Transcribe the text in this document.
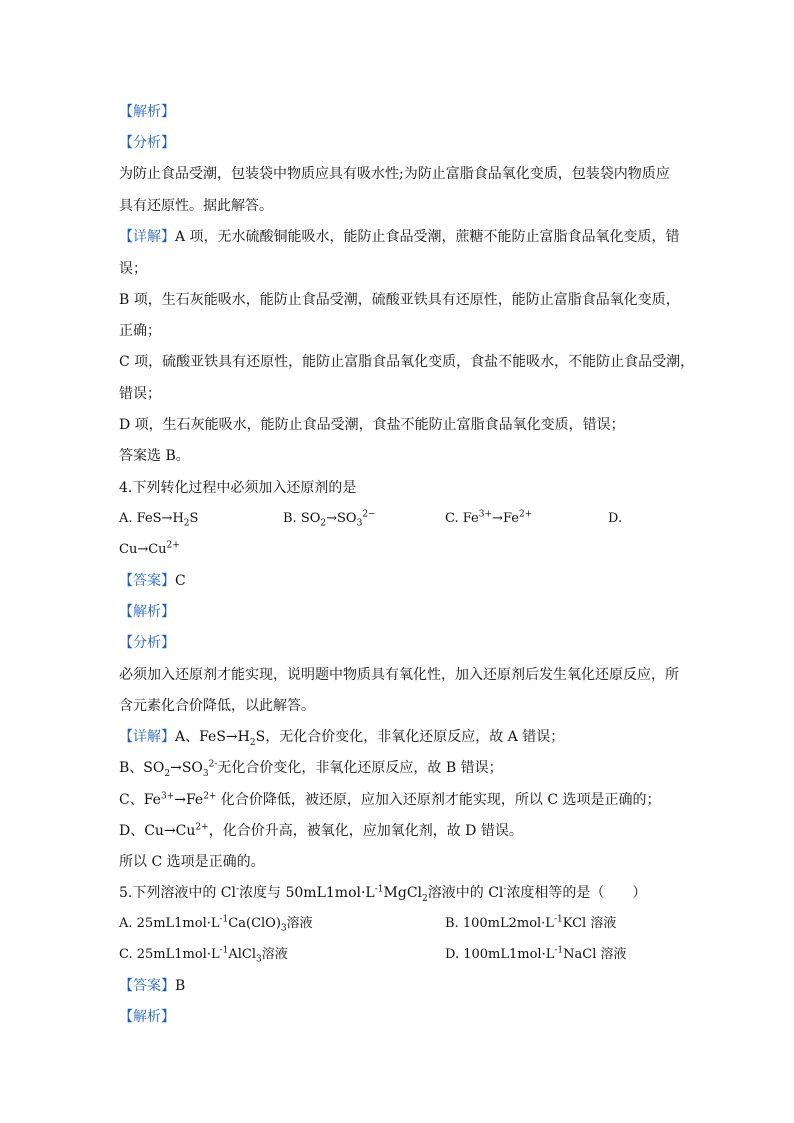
【解析】
【分析】
为防止食品受潮，包装袋中物质应具有吸水性;为防止富脂食品氧化变质，包装袋内物质应
具有还原性。据此解答。
【详解】A 项，无水硫酸铜能吸水，能防止食品受潮，蔗糖不能防止富脂食品氧化变质，错
误；
B 项，生石灰能吸水，能防止食品受潮，硫酸亚铁具有还原性，能防止富脂食品氧化变质，
正确；
C 项，硫酸亚铁具有还原性，能防止富脂食品氧化变质，食盐不能吸水，不能防止食品受潮，
错误；
D 项，生石灰能吸水，能防止食品受潮，食盐不能防止富脂食品氧化变质，错误；
答案选 B。
4.下列转化过程中必须加入还原剂的是
A. $FeS\to H_2S$	B. $SO_2\to SO_3^{2-}$	C. $Fe^{3+}\to Fe^{2+}$	D.
$Cu\to Cu^{2+}$
【答案】C
【解析】
【分析】
必须加入还原剂才能实现，说明题中物质具有氧化性，加入还原剂后发生氧化还原反应，所
含元素化合价降低，以此解答。
【详解】A、$FeS\to H_2S$，无化合价变化，非氧化还原反应，故 A 错误；
B、$SO_2\to SO_3^{2-}$无化合价变化，非氧化还原反应，故 B 错误；
C、$Fe^{3+}\to Fe^{2+}$ 化合价降低，被还原，应加入还原剂才能实现，所以 C 选项是正确的；
D、$Cu\to Cu^{2+}$，化合价升高，被氧化，应加氧化剂，故 D 错误。
所以 C 选项是正确的。
5.下列溶液中的 Cl-浓度与 $50mL1mol\cdot L^{-1}MgCl_2$溶液中的 Cl-浓度相等的是（　　）
A. $25mL1mol\cdot L^{-1}Ca(ClO)_3$溶液	B. $100mL2mol\cdot L^{-1}KCl$ 溶液
C. $25mL1mol\cdot L^{-1}AlCl_3$溶液	D. $100mL1mol\cdot L^{-1}NaCl$ 溶液
【答案】B
【解析】
